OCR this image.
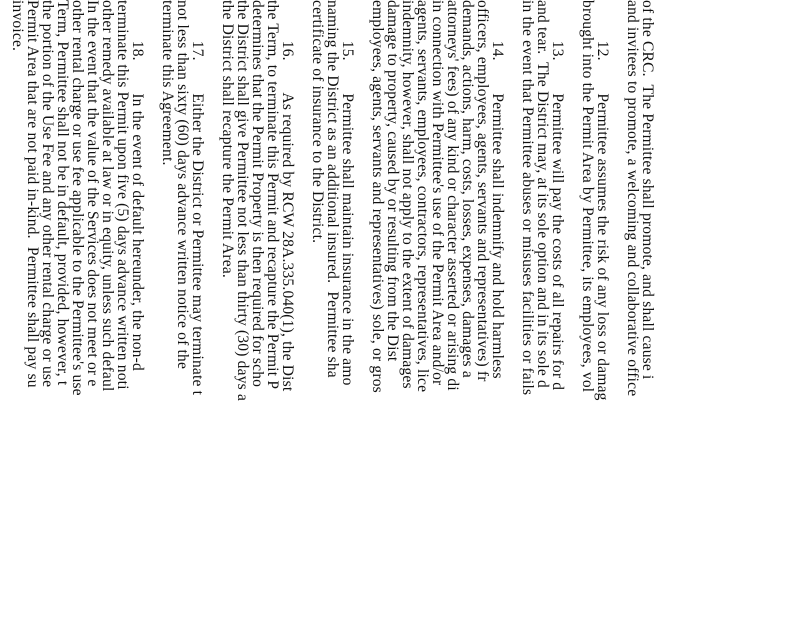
of the CRC.  The Permittee shall promote, and shall cause i
and invitees to promote, a welcoming and collaborative office
12.        Permittee assumes the risk of any loss or damag
brought into the Permit Area by Permittee, its employees, vol
13.        Permittee will pay the costs of all repairs for d
and tear.  The District may, at its sole option and in its sole d
in the event that Permittee abuses or misuses facilities or fails
14.        Permittee shall indemnify and hold harmless
officers, employees, agents, servants and representatives) fr
demands, actions, harm, costs, losses, expenses, damages a
attorneys' fees) of any kind or character asserted or arising di
in connection with Permittee's use of the Permit Area and/or
agents, servants, employees, contractors, representatives, lice
indemnity, however, shall not apply to the extent of damages
damage to property, caused by or resulting from the Dist
employees, agents, servants and representatives) sole, or gros
15.        Permittee shall maintain insurance in the amo
naming the District as an additional insured.  Permittee sha
certificate of insurance to the District.
16.        As required by RCW 28A.335.040(1), the Dist
the Term, to terminate this Permit and recapture the Permit P
determines that the Permit Property is then required for scho
the District shall give Permittee not less than thirty (30) days a
the District shall recapture the Permit Area.
17.        Either the District or Permittee may terminate t
not less than sixty (60) days advance written notice of the
terminate this Agreement.
18.        In the event of default hereunder, the non-d
terminate this Permit upon five (5) days advance written noti
other remedy available at law or in equity, unless such defaul
In the event that the value of the Services does not meet or e
other rental charge or use fee applicable to the Permittee's use
Term, Permittee shall not be in default, provided, however, t
the portion of the Use Fee and any other rental charge or use
Permit Area that are not paid in-kind.  Permittee shall pay su
invoice.
